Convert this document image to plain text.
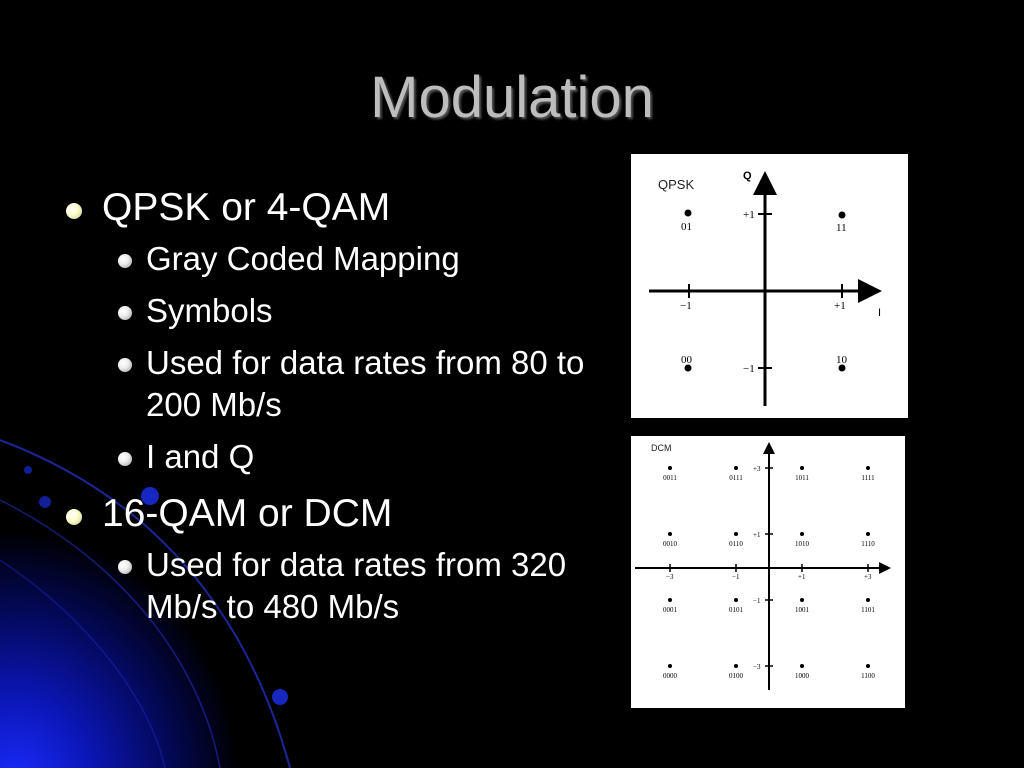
Modulation
QPSK or 4-QAM
Gray Coded Mapping
Symbols
Used for data rates from 80 to 200 Mb/s
I and Q
16-QAM or DCM
Used for data rates from 320 Mb/s to 480 Mb/s
QPSK
Q
I
+1
−1
−1	+1
01	11
00	10
DCM
+3
+1
−1
−3
−3	−1	+1	+3
0011	0111	1011	1111
0010	0110	1010	1110
0001	0101	1001	1101
0000	0100	1000	1100
